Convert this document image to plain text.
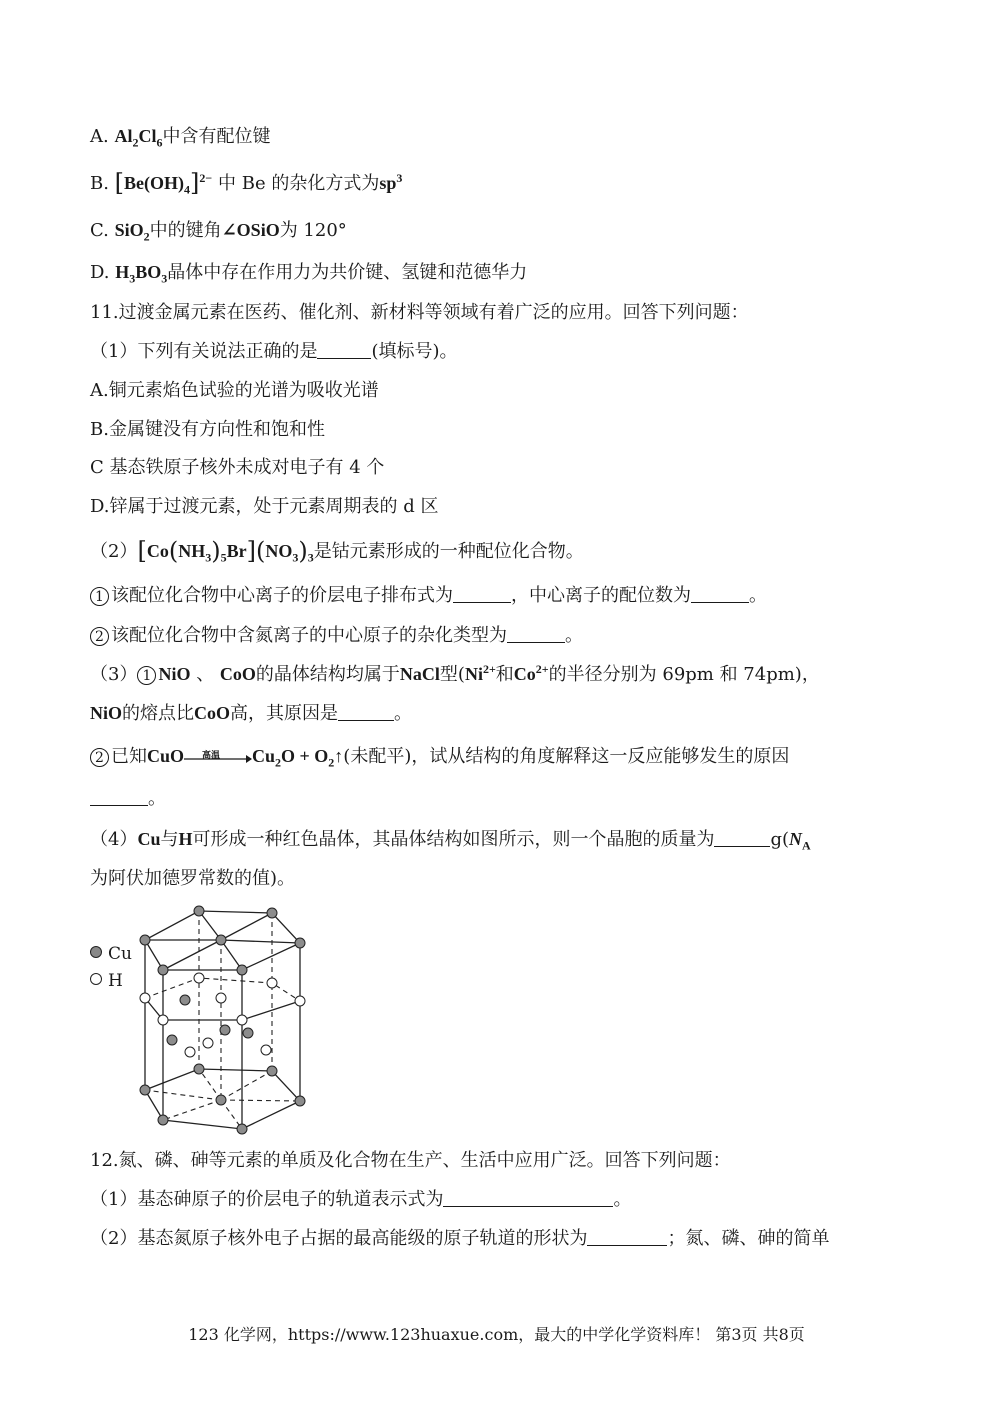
A. $Al_2Cl_6$中含有配位键
B. $[Be(OH)_4]^{2-}$ 中 Be 的杂化方式为$sp^3$
C. SiO$_2$中的键角∠OSiO为 120°
D. $H_3BO_3$晶体中存在作用力为共价键、氢键和范德华力
11.过渡金属元素在医药、催化剂、新材料等领域有着广泛的应用。回答下列问题：
（1）下列有关说法正确的是	(填标号)。
A.铜元素焰色试验的光谱为吸收光谱
B.金属键没有方向性和饱和性
C 基态铁原子核外未成对电子有 4 个
D.锌属于过渡元素，处于元素周期表的 d 区
$(2)[Co(NH_3)_5Br](NO_3)_3$是钴元素形成的一种配位化合物。
1 该配位化合物中心离子的价层电子排布式为	，中心离子的配位数为	。
2 该配位化合物中含氮离子的中心原子的杂化类型为	。
（3） 1 NiO 、 CoO的晶体结构均属于NaCl型($Ni^{2+}$和$Co^{2+}$的半径分别为 69pm 和 74pm)，
NiO的熔点比CoO高，其原因是	。
2 已知CuO 高温 $Cu_2O$ + $O_2↑$(未配平)，试从结构的角度解释这一反应能够发生的原因
。
（4）Cu与H可形成一种红色晶体，其晶体结构如图所示，则一个晶胞的质量为	$g(N_A$
为阿伏加德罗常数的值)。
Cu
H
12.氮、磷、砷等元素的单质及化合物在生产、生活中应用广泛。回答下列问题：
（1）基态砷原子的价层电子的轨道表示式为	。
（2）基态氮原子核外电子占据的最高能级的原子轨道的形状为	；氮、磷、砷的简单
123 化学网，https://www.123huaxue.com，最大的中学化学资料库！ 第3页 共8页
